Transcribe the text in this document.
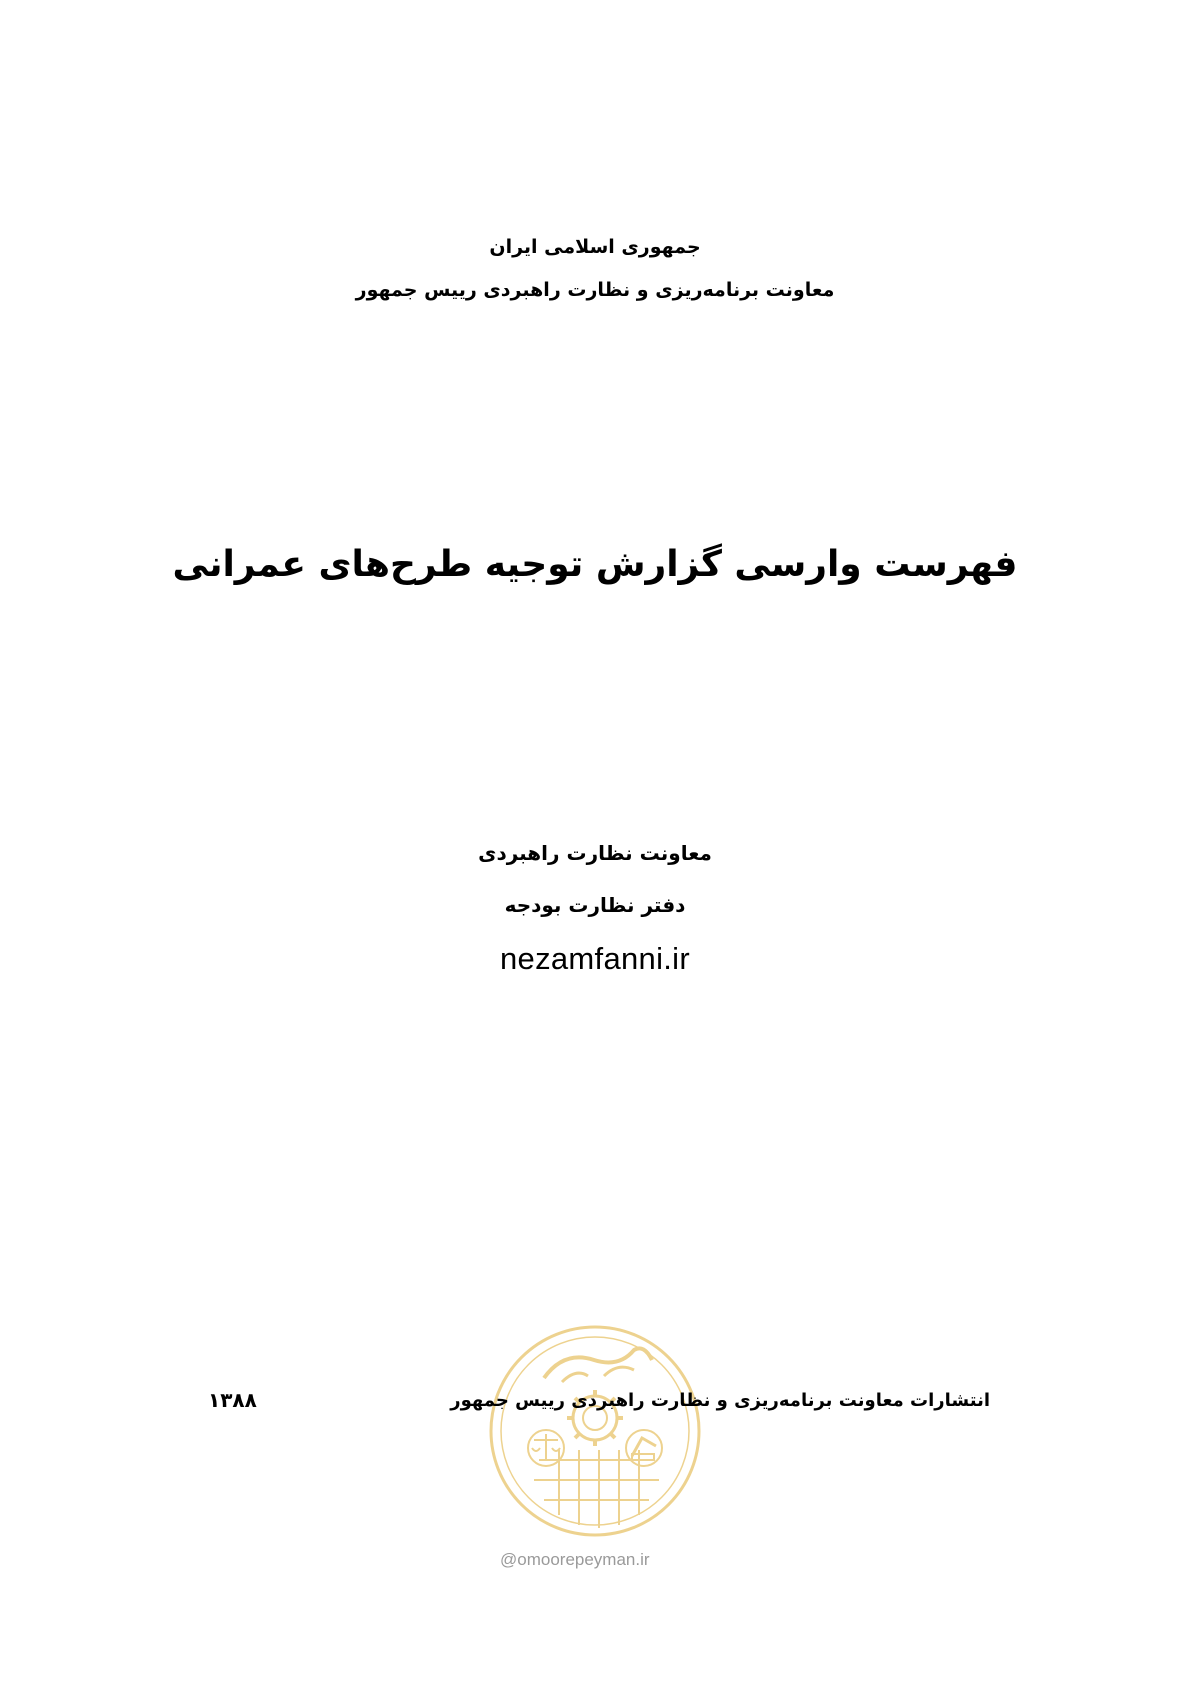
جمهوری اسلامی ایران
معاونت برنامه‌ریزی و نظارت راهبردی رییس جمهور
فهرست وارسی گزارش توجیه طرح‌های عمرانی
معاونت نظارت راهبردی
دفتر نظارت بودجه
nezamfanni.ir
@omoorepeyman.ir
انتشارات معاونت برنامه‌ریزی و نظارت راهبردی رییس جمهور
۱۳۸۸
